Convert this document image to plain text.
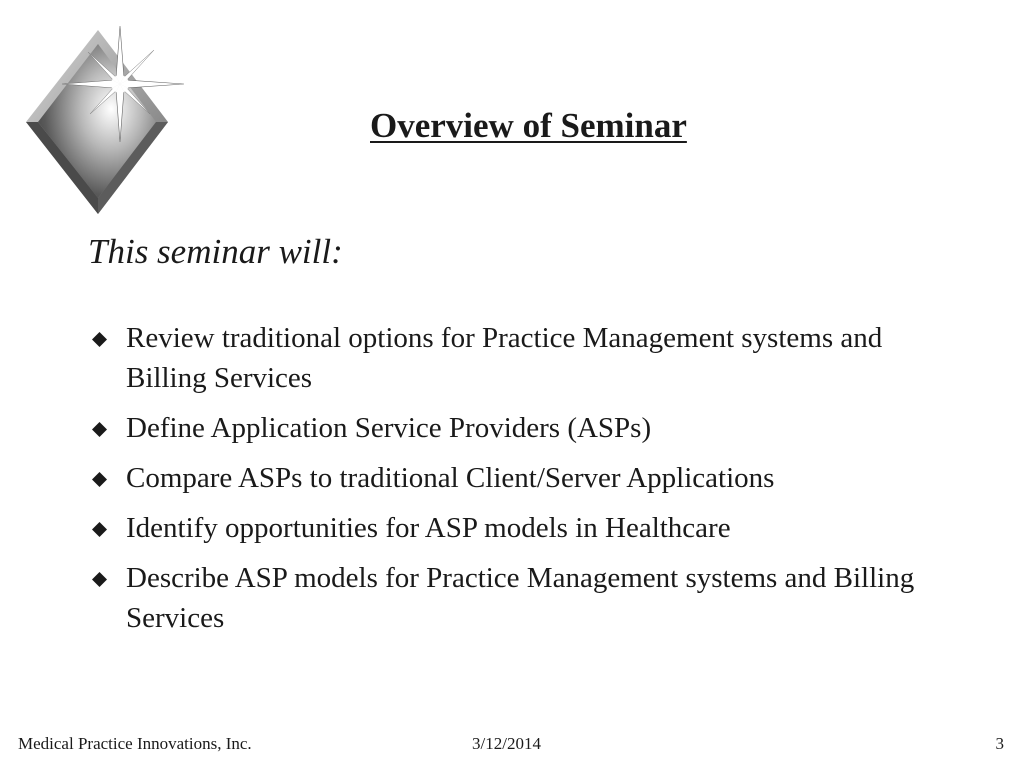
Overview of Seminar
This seminar will:
Review traditional options for Practice Management systems and Billing Services
Define Application Service Providers (ASPs)
Compare ASPs to traditional Client/Server Applications
Identify opportunities for ASP models in Healthcare
Describe ASP models for Practice Management systems and Billing Services
Medical Practice Innovations, Inc.	3/12/2014	3
